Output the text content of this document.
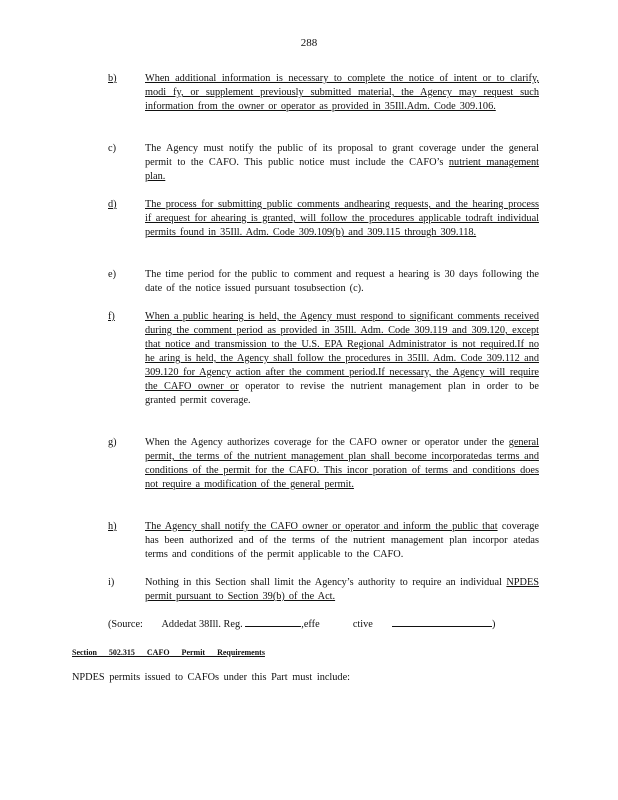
288
b)	When additional information is necessary to complete the notice of intent or to clarify, modi fy, or supplement previously submitted material, the Agency may request such information from the owner or operator as provided in 35Ill.Adm. Code 309.106.
c)	The Agency must notify the public of its proposal to grant coverage under the general permit to the CAFO. This public notice must include the CAFO’s nutrient management plan.
d)	The process for submitting public comments andhearing requests, and the hearing process if arequest for ahearing is granted, will follow the procedures applicable todraft individual permits found in 35Ill. Adm. Code 309.109(b) and 309.115 through 309.118.
e)	The time period for the public to comment and request a hearing is 30 days following the date of the notice issued pursuant tosubsection (c).
f)	When a public hearing is held, the Agency must respond to significant comments received during the comment period as provided in 35Ill. Adm. Code 309.119 and 309.120, except that notice and transmission to the U.S. EPA Regional Administrator is not required.If no he aring is held, the Agency shall follow the procedures in 35Ill. Adm. Code 309.112 and 309.120 for Agency action after the comment period.If necessary, the Agency will require the CAFO owner or operator to revise the nutrient management plan in order to be granted permit coverage.
g)	When the Agency authorizes coverage for the CAFO owner or operator under the general permit, the terms of the nutrient management plan shall become incorporatedas terms and conditions of the permit for the CAFO. This incor poration of terms and conditions does not require a modification of the general permit.
h)	The Agency shall notify the CAFO owner or operator and inform the public that coverage has been authorized and of the terms of the nutrient management plan incorpor atedas terms and conditions of the permit applicable to the CAFO.
i)	Nothing in this Section shall limit the Agency’s authority to require an individual NPDES permit pursuant to Section 39(b) of the Act.
(Source: Addedat 38Ill. Reg.	,effe	ctive	)
Section 502.315 CAFO Permit Requirements
NPDES permits issued to CAFOs under this Part must include:
